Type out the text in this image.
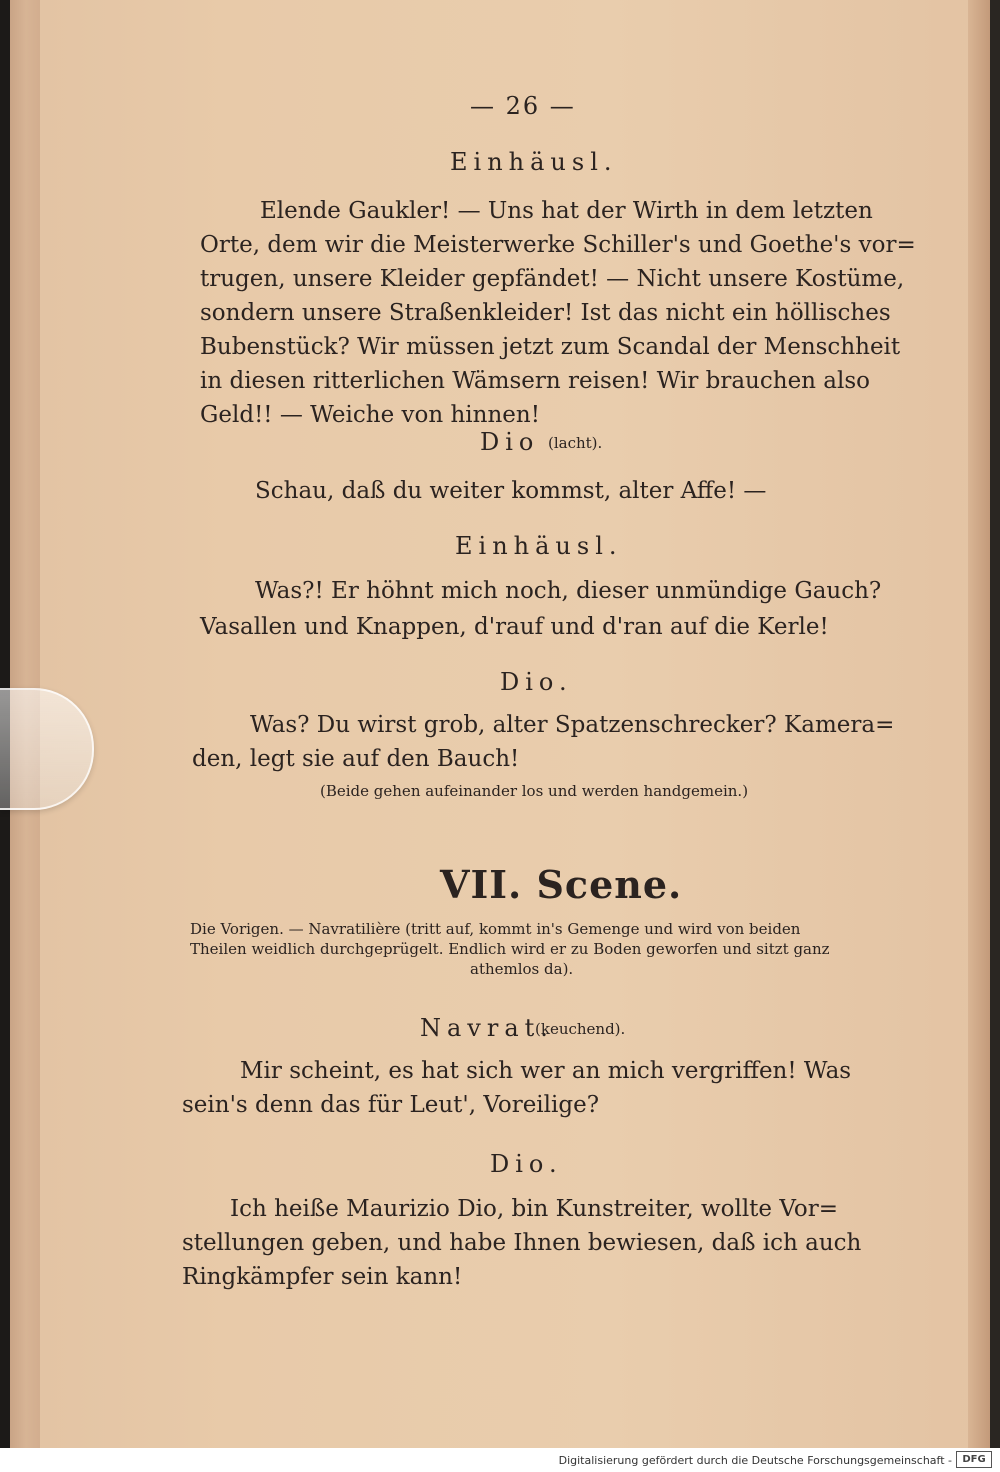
— 26 —
Einhäusl.
Elende Gaukler! — Uns hat der Wirth in dem letzten
Orte, dem wir die Meisterwerke Schiller's und Goethe's vor=
trugen, unsere Kleider gepfändet! — Nicht unsere Kostüme,
sondern unsere Straßenkleider! Ist das nicht ein höllisches
Bubenstück? Wir müssen jetzt zum Scandal der Menschheit
in diesen ritterlichen Wämsern reisen! Wir brauchen also
Geld!! — Weiche von hinnen!
Dio (lacht).
Schau, daß du weiter kommst, alter Affe! —
Einhäusl.
Was?! Er höhnt mich noch, dieser unmündige Gauch?
Vasallen und Knappen, d'rauf und d'ran auf die Kerle!
Dio.
Was? Du wirst grob, alter Spatzenschrecker? Kamera=
den, legt sie auf den Bauch!
(Beide gehen aufeinander los und werden handgemein.)
VII. Scene.
Die Vorigen. — Navratilière (tritt auf, kommt in's Gemenge und wird von beiden
Theilen weidlich durchgeprügelt. Endlich wird er zu Boden geworfen und sitzt ganz
athemlos da).
Navrat.
(keuchend).
Mir scheint, es hat sich wer an mich vergriffen! Was
sein's denn das für Leut', Voreilige?
Dio.
Ich heiße Maurizio Dio, bin Kunstreiter, wollte Vor=
stellungen geben, und habe Ihnen bewiesen, daß ich auch
Ringkämpfer sein kann!
Digitalisierung gefördert durch die Deutsche Forschungsgemeinschaft -	DFG
